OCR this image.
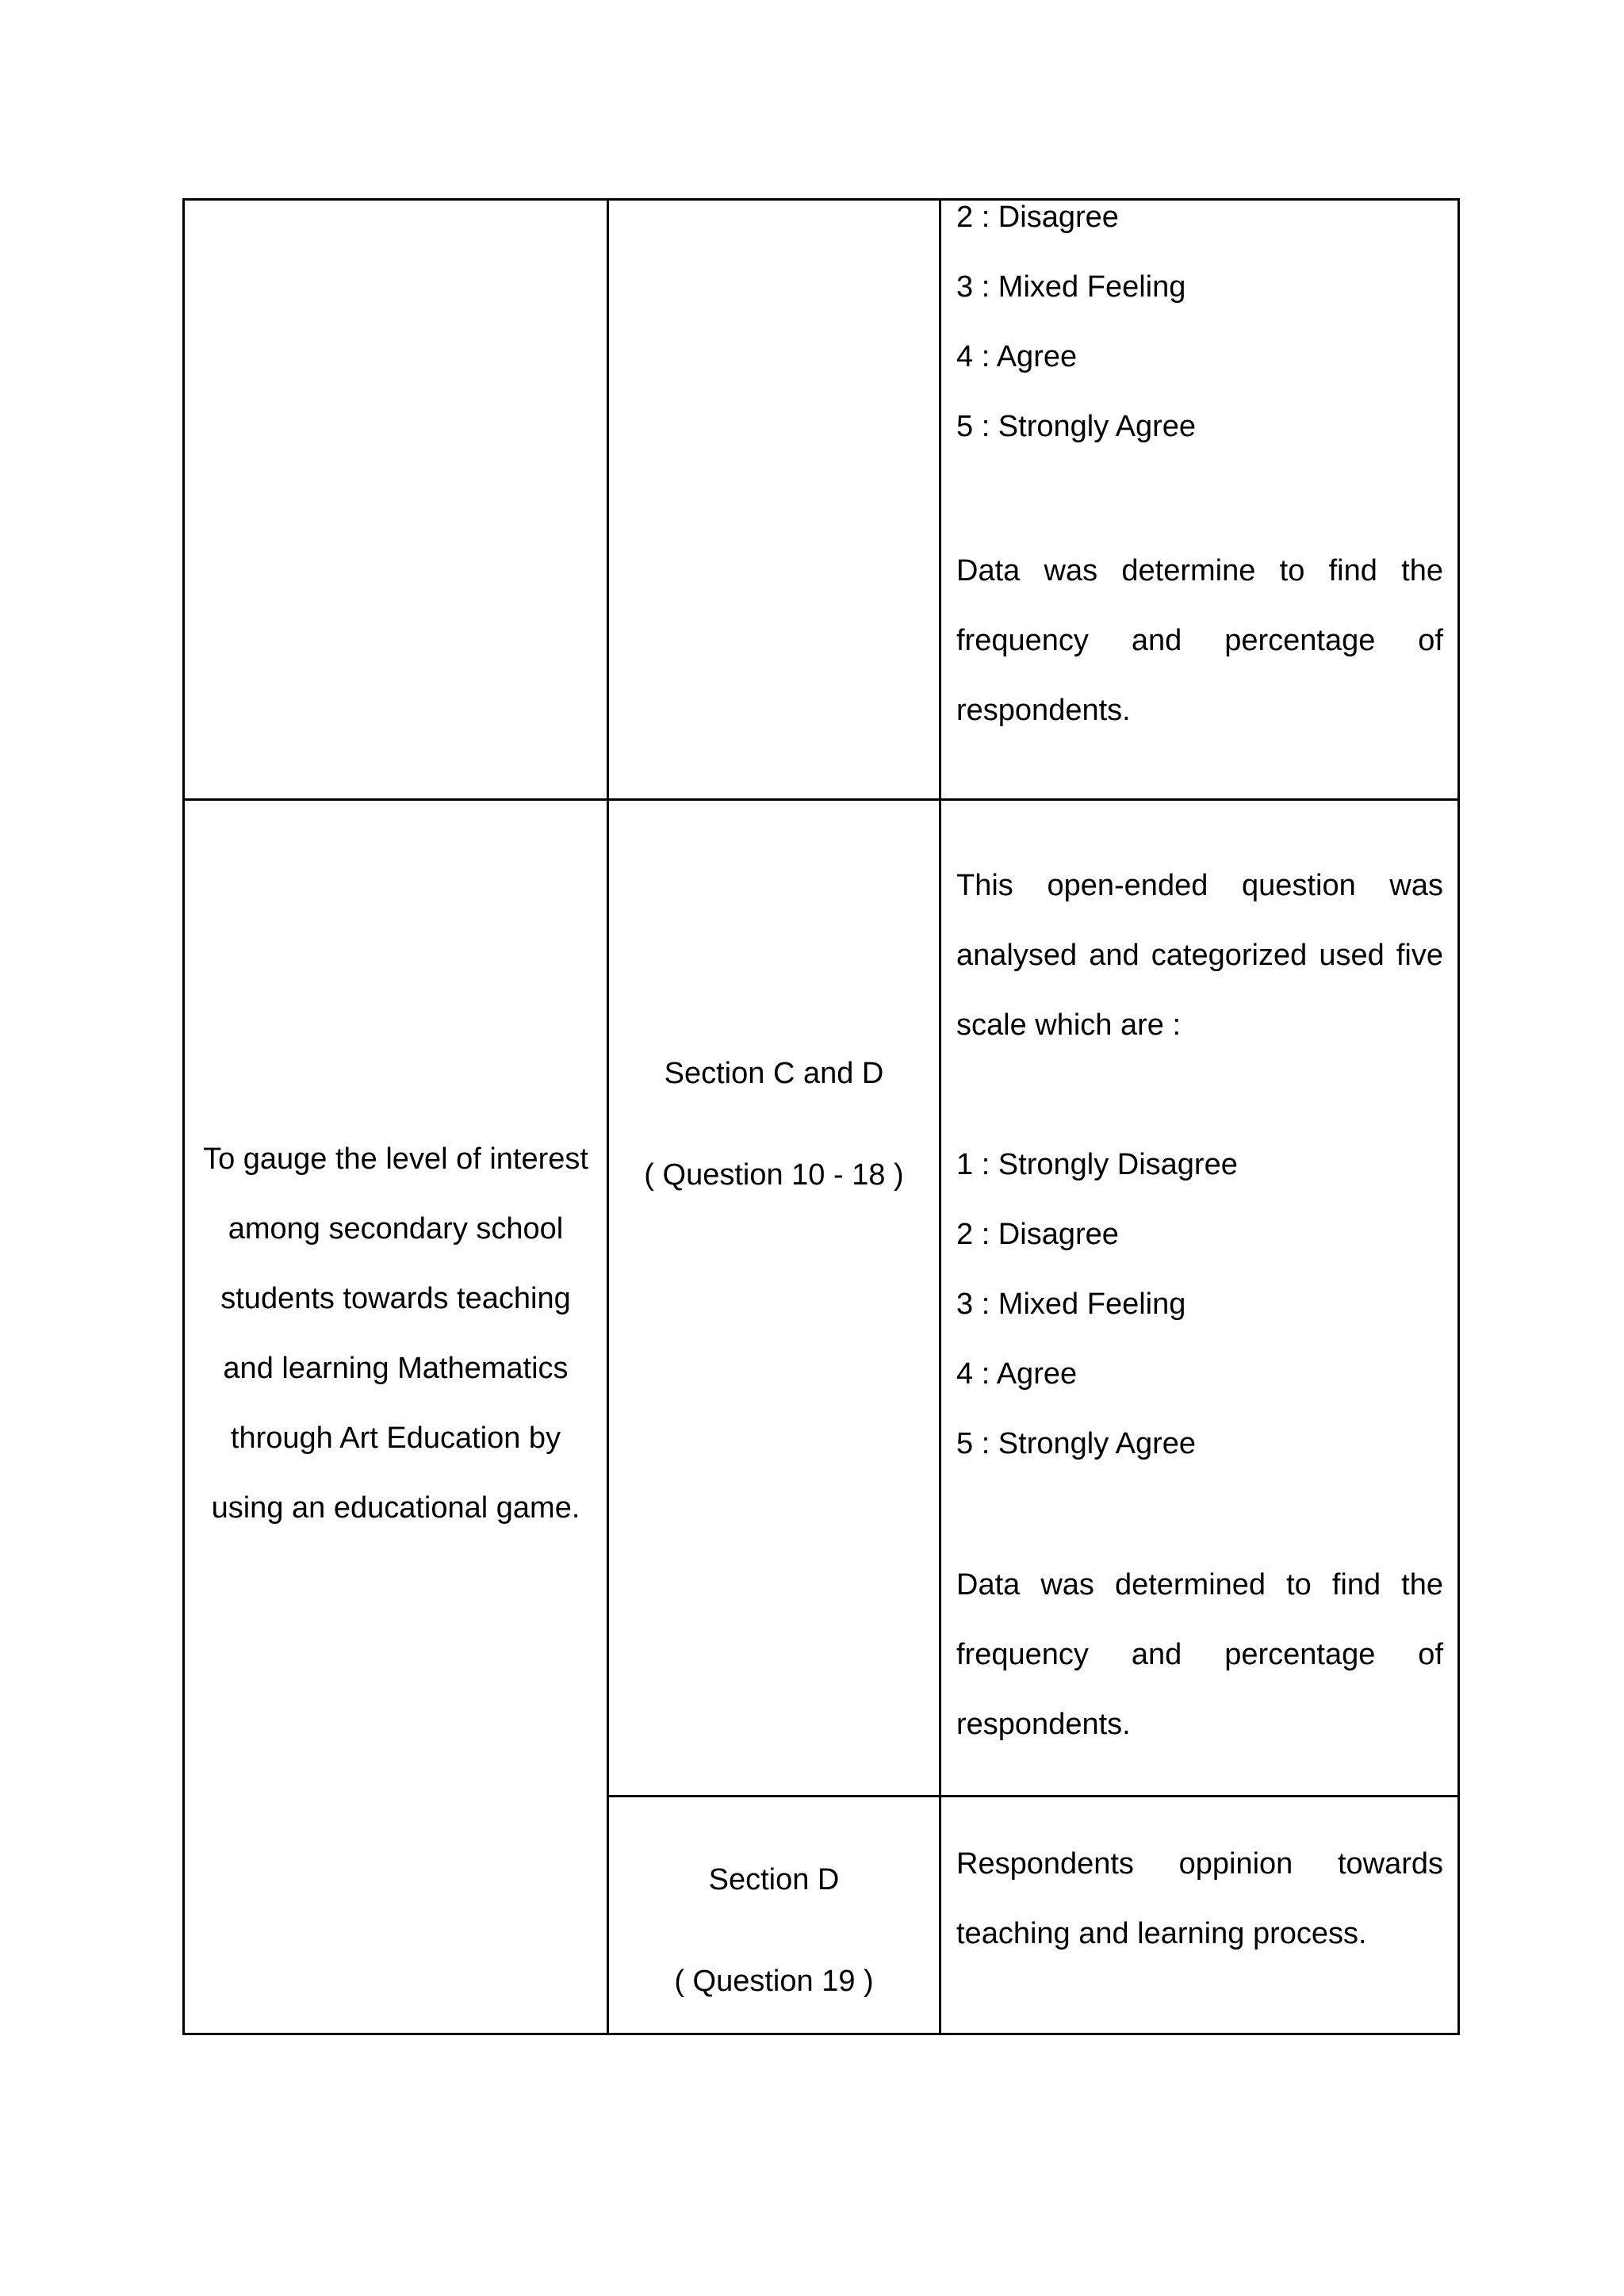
2 : Disagree

3 : Mixed Feeling

4 : Agree

5 : Strongly Agree

Data was determine to find the

frequency and percentage of

respondents.

To gauge the level of interest

among secondary school

students towards teaching

and learning Mathematics

through Art Education by

using an educational game.

Section C and D

( Question 10 - 18 )

This open-ended question was

analysed and categorized used five

scale which are :

1 : Strongly Disagree

2 : Disagree

3 : Mixed Feeling

4 : Agree

5 : Strongly Agree

Data was determined to find the

frequency and percentage of

respondents.

Section D

( Question 19 )

Respondents oppinion towards

teaching and learning process.
